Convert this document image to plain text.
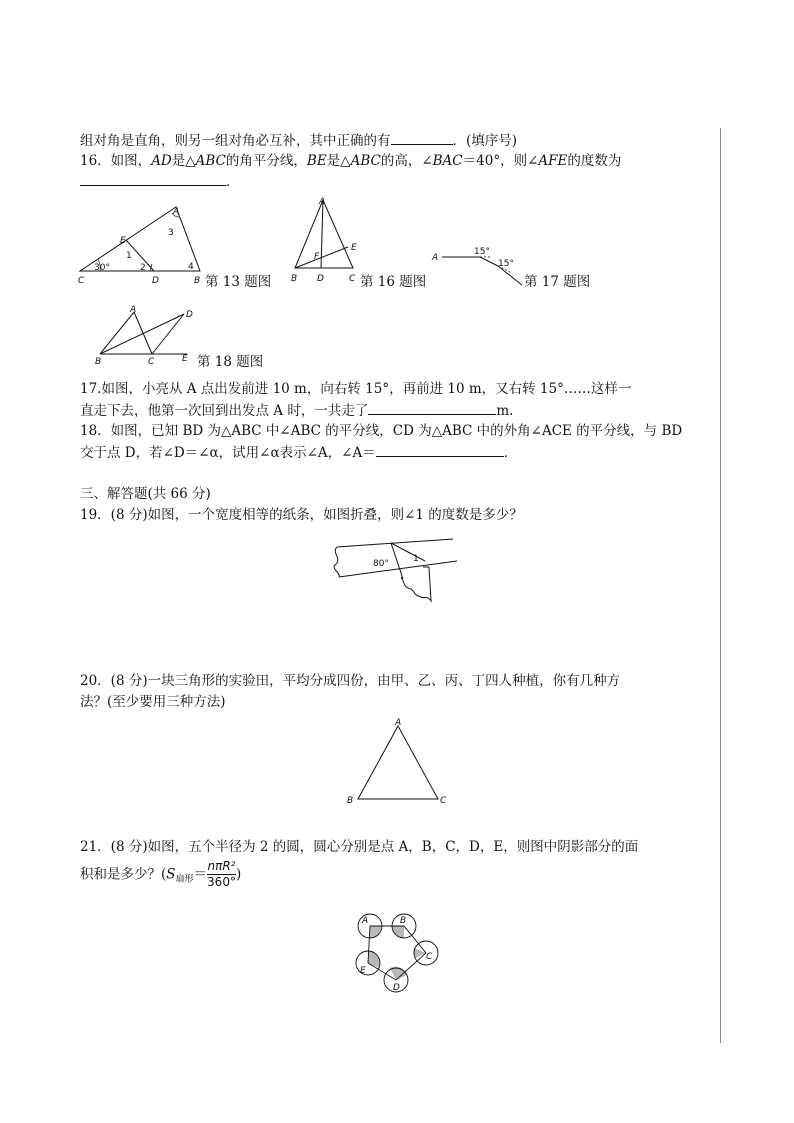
组对角是直角，则另一组对角必互补，其中正确的有	．(填序号)
16．如图，AD是△ABC的角平分线，BE是△ABC的高，∠BAC＝40°，则∠AFE的度数为
．
A
E
3
1
30°	2	4
C	D	B 第 13 题图
A
E
F
B D	C 第 16 题图
A
15°
15°
第 17 题图
A	D
B	C	E 第 18 题图
17.如图，小亮从 A 点出发前进 10 m，向右转 15°，再前进 10 m，又右转 15°……这样一
直走下去，他第一次回到出发点 A 时，一共走了	m.
18．如图，已知 BD 为△ABC 中∠ABC 的平分线，CD 为△ABC 中的外角∠ACE 的平分线，与 BD
交于点 D，若∠D＝∠α，试用∠α表示∠A，∠A＝	．
三、解答题(共 66 分)
19．(8 分)如图，一个宽度相等的纸条，如图折叠，则∠1 的度数是多少？
80°	1
20．(8 分)一块三角形的实验田，平均分成四份，由甲、乙、丙、丁四人种植，你有几种方
法？(至少要用三种方法)
A
B	C
21．(8 分)如图，五个半径为 2 的圆，圆心分别是点 A，B，C，D，E，则图中阴影部分的面
积和是多少？($S_{扇形}=$
nπR²
360° )
A	B
C
D
E
